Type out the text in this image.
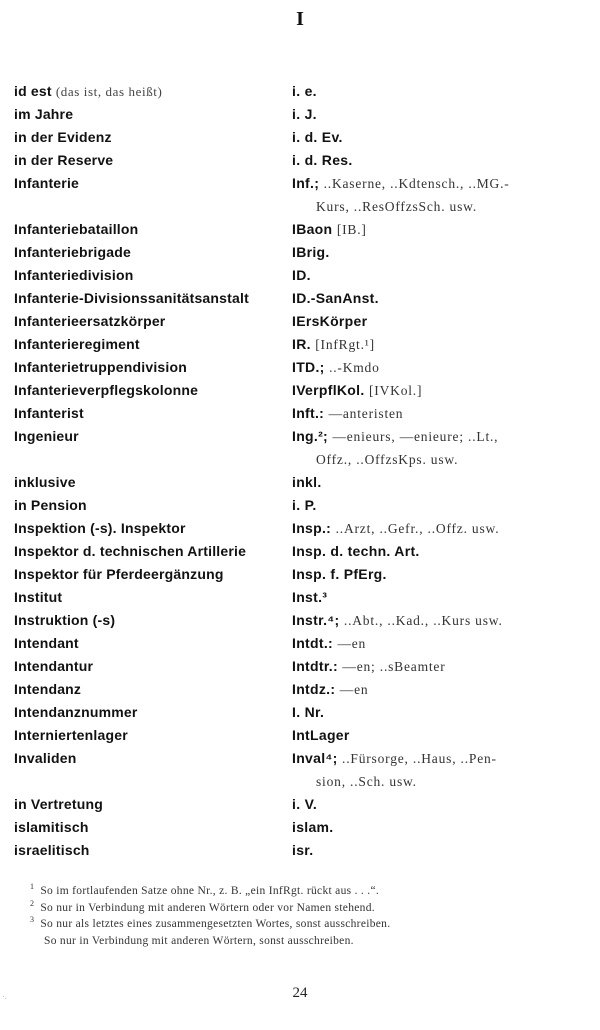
I
id est (das ist, das heißt)	i. e.
im Jahre	i. J.
in der Evidenz	i. d. Ev.
in der Reserve	i. d. Res.
Infanterie	Inf.; ..Kaserne, ..Kdtensch., ..MG.-
Kurs, ..ResOffzsSch. usw.
Infanteriebataillon	IBaon [IB.]
Infanteriebrigade	IBrig.
Infanteriedivision	ID.
Infanterie-Divisionssanitätsanstalt	ID.-SanAnst.
Infanterieersatzkörper	IErsKörper
Infanterieregiment	IR. [InfRgt.¹]
Infanterietruppendivision	ITD.; ..-Kmdo
Infanterieverpflegskolonne	IVerpflKol. [IVKol.]
Infanterist	Inft.: —anteristen
Ingenieur	Ing.²; —enieurs, —enieure; ..Lt.,
Offz., ..OffzsKps. usw.
inklusive	inkl.
in Pension	i. P.
Inspektion (-s). Inspektor	Insp.: ..Arzt, ..Gefr., ..Offz. usw.
Inspektor d. technischen Artillerie	Insp. d. techn. Art.
Inspektor für Pferdeergänzung	Insp. f. PfErg.
Institut	Inst.³
Instruktion (-s)	Instr.⁴; ..Abt., ..Kad., ..Kurs usw.
Intendant	Intdt.: —en
Intendantur	Intdtr.: —en; ..sBeamter
Intendanz	Intdz.: —en
Intendanznummer	I. Nr.
Interniertenlager	IntLager
Invaliden	Inval⁴; ..Fürsorge, ..Haus, ..Pen-
sion, ..Sch. usw.
in Vertretung	i. V.
islamitisch	islam.
israelitisch	isr.
$^1$ So im fortlaufenden Satze ohne Nr., z. B. „ein InfRgt. rückt aus . . .“.
$^2$ So nur in Verbindung mit anderen Wörtern oder vor Namen stehend.
$^3$ So nur als letztes eines zusammengesetzten Wortes, sonst ausschreiben.
So nur in Verbindung mit anderen Wörtern, sonst ausschreiben.
24
·.
